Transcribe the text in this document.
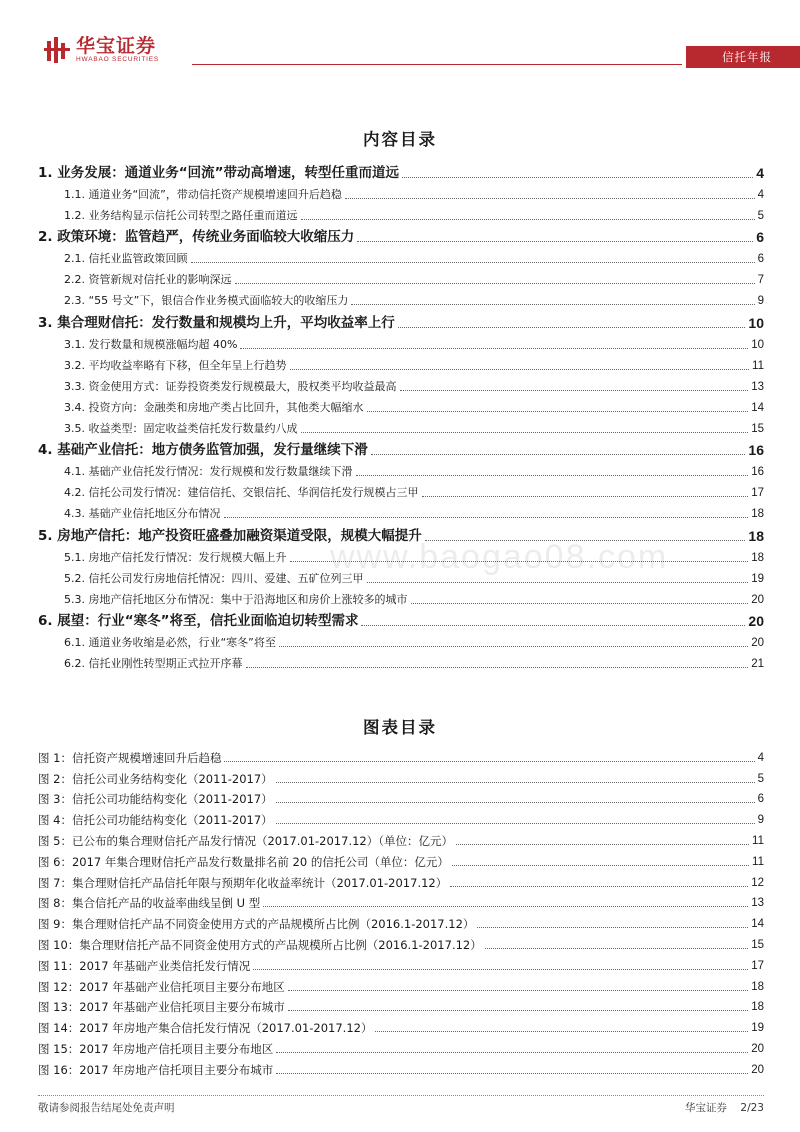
华宝证券
HWABAO SECURITIES	信托年报
内容目录
1. 业务发展：通道业务“回流”带动高增速，转型任重而道远	4
1.1. 通道业务“回流”，带动信托资产规模增速回升后趋稳	4
1.2. 业务结构显示信托公司转型之路任重而道远	5
2. 政策环境：监管趋严，传统业务面临较大收缩压力	6
2.1. 信托业监管政策回顾	6
2.2. 资管新规对信托业的影响深远	7
2.3. “55 号文”下，银信合作业务模式面临较大的收缩压力	9
3. 集合理财信托：发行数量和规模均上升，平均收益率上行	10
3.1. 发行数量和规模涨幅均超 40%	10
3.2. 平均收益率略有下移，但全年呈上行趋势	11
3.3. 资金使用方式：证券投资类发行规模最大，股权类平均收益最高	13
3.4. 投资方向：金融类和房地产类占比回升，其他类大幅缩水	14
3.5. 收益类型：固定收益类信托发行数量约八成	15
4. 基础产业信托：地方债务监管加强，发行量继续下滑	16
4.1. 基础产业信托发行情况：发行规模和发行数量继续下滑	16
4.2. 信托公司发行情况：建信信托、交银信托、华润信托发行规模占三甲	17
4.3. 基础产业信托地区分布情况	18
5. 房地产信托：地产投资旺盛叠加融资渠道受限，规模大幅提升	18
5.1. 房地产信托发行情况：发行规模大幅上升	18
5.2. 信托公司发行房地信托情况：四川、爱建、五矿位列三甲	19
5.3. 房地产信托地区分布情况：集中于沿海地区和房价上涨较多的城市	20
6. 展望：行业“寒冬”将至，信托业面临迫切转型需求	20
6.1. 通道业务收缩是必然，行业“寒冬”将至	20
6.2. 信托业刚性转型期正式拉开序幕	21
www.baogao08.com
图表目录
图 1：信托资产规模增速回升后趋稳	4
图 2：信托公司业务结构变化（2011-2017）	5
图 3：信托公司功能结构变化（2011-2017）	6
图 4：信托公司功能结构变化（2011-2017）	9
图 5：已公布的集合理财信托产品发行情况（2017.01-2017.12）（单位：亿元）	11
图 6：2017 年集合理财信托产品发行数量排名前 20 的信托公司（单位：亿元）	11
图 7：集合理财信托产品信托年限与预期年化收益率统计（2017.01-2017.12）	12
图 8：集合信托产品的收益率曲线呈倒 U 型	13
图 9：集合理财信托产品不同资金使用方式的产品规模所占比例（2016.1-2017.12）	14
图 10：集合理财信托产品不同资金使用方式的产品规模所占比例（2016.1-2017.12）	15
图 11：2017 年基础产业类信托发行情况	17
图 12：2017 年基础产业信托项目主要分布地区	18
图 13：2017 年基础产业信托项目主要分布城市	18
图 14：2017 年房地产集合信托发行情况（2017.01-2017.12）	19
图 15：2017 年房地产信托项目主要分布地区	20
图 16：2017 年房地产信托项目主要分布城市	20
敬请参阅报告结尾处免责声明	华宝证券 2/23
